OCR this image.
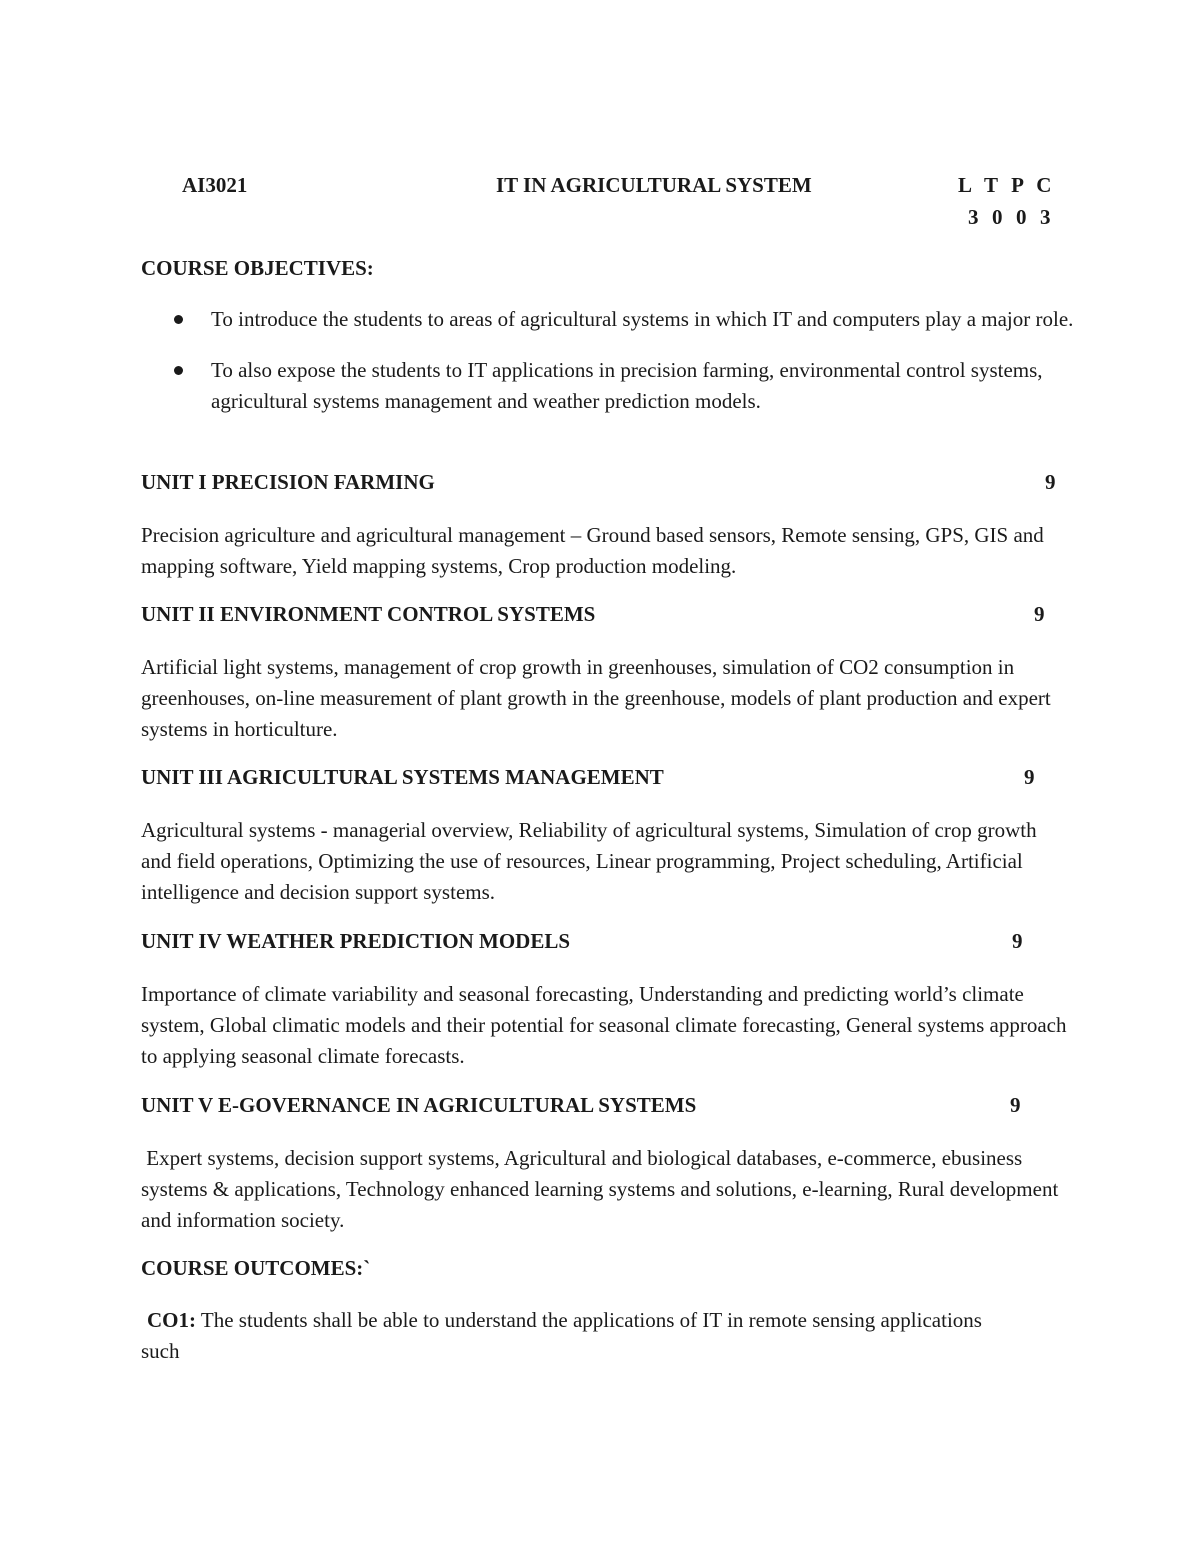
AI3021	IT IN AGRICULTURAL SYSTEM	L  T  P  C
3  0  0  3
COURSE OBJECTIVES:
To introduce the students to areas of agricultural systems in which IT and computers play a major role.
To also expose the students to IT applications in precision farming, environmental control systems, agricultural systems management and weather prediction models.
UNIT I PRECISION FARMING	9
Precision agriculture and agricultural management – Ground based sensors, Remote sensing, GPS, GIS and mapping software, Yield mapping systems, Crop production modeling.
UNIT II ENVIRONMENT CONTROL SYSTEMS	9
Artificial light systems, management of crop growth in greenhouses, simulation of CO2 consumption in greenhouses, on-line measurement of plant growth in the greenhouse, models of plant production and expert systems in horticulture.
UNIT III AGRICULTURAL SYSTEMS MANAGEMENT	9
Agricultural systems - managerial overview, Reliability of agricultural systems, Simulation of crop growth and field operations, Optimizing the use of resources, Linear programming, Project scheduling, Artificial intelligence and decision support systems.
UNIT IV WEATHER PREDICTION MODELS	9
Importance of climate variability and seasonal forecasting, Understanding and predicting world’s climate system, Global climatic models and their potential for seasonal climate forecasting, General systems approach to applying seasonal climate forecasts.
UNIT V E-GOVERNANCE IN AGRICULTURAL SYSTEMS	9
Expert systems, decision support systems, Agricultural and biological databases, e-commerce, ebusiness systems & applications, Technology enhanced learning systems and solutions, e-learning, Rural development and information society.
COURSE OUTCOMES:`
CO1: The students shall be able to understand the applications of IT in remote sensing applications such
